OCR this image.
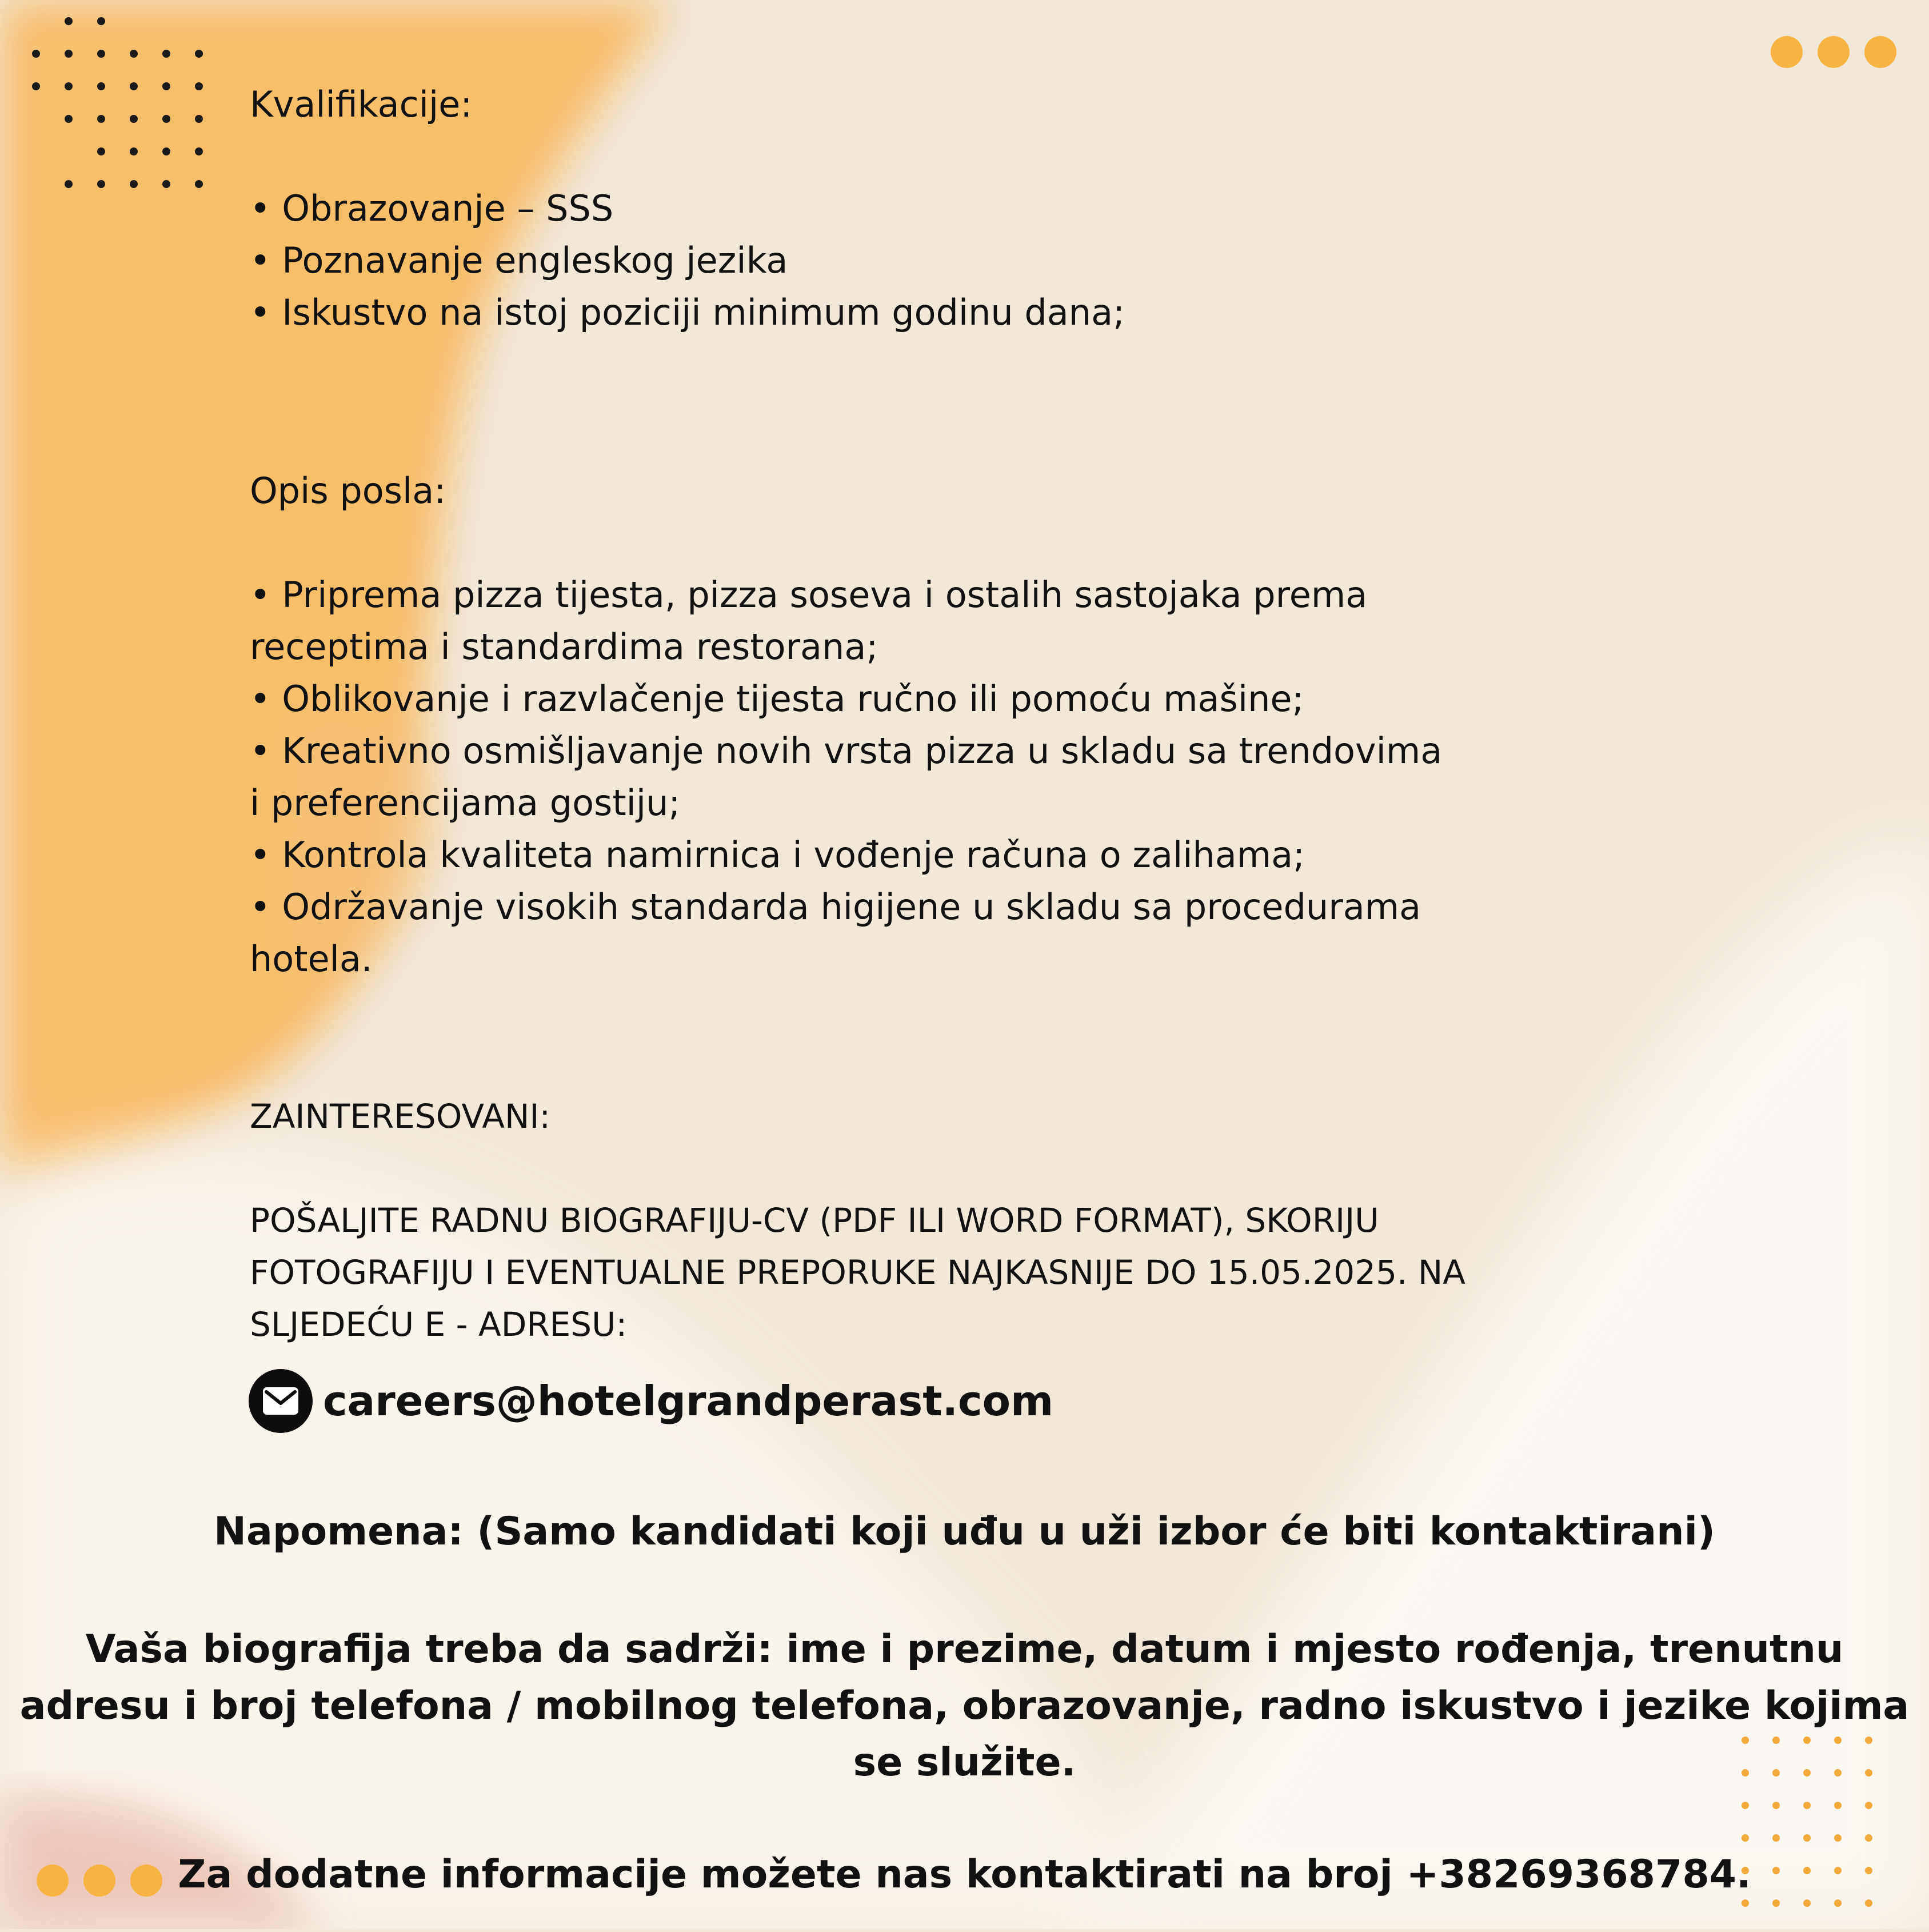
Kvalifikacije:

• Obrazovanje – SSS

• Poznavanje engleskog jezika

• Iskustvo na istoj poziciji minimum godinu dana;

Opis posla:

• Priprema pizza tijesta, pizza soseva i ostalih sastojaka prema

receptima i standardima restorana;

• Oblikovanje i razvlačenje tijesta ručno ili pomoću mašine;

• Kreativno osmišljavanje novih vrsta pizza u skladu sa trendovima

i preferencijama gostiju;

• Kontrola kvaliteta namirnica i vođenje računa o zalihama;

• Održavanje visokih standarda higijene u skladu sa procedurama

hotela.

ZAINTERESOVANI:

POŠALJITE RADNU BIOGRAFIJU-CV (PDF ILI WORD FORMAT), SKORIJU

FOTOGRAFIJU I EVENTUALNE PREPORUKE NAJKASNIJE DO 15.05.2025. NA

SLJEDEĆU E - ADRESU:

careers@hotelgrandperast.com
Napomena: (Samo kandidati koji uđu u uži izbor će biti kontaktirani)

Vaša biografija treba da sadrži: ime i prezime, datum i mjesto rođenja, trenutnu

adresu i broj telefona / mobilnog telefona, obrazovanje, radno iskustvo i jezike kojima

se služite.

Za dodatne informacije možete nas kontaktirati na broj +38269368784.
